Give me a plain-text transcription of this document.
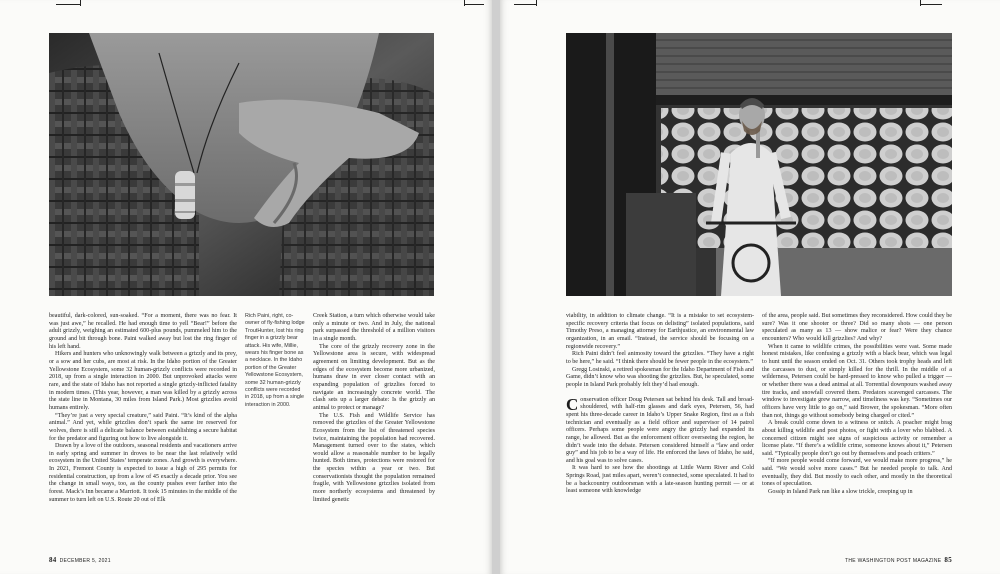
beautiful, dark-colored, sun-soaked. “For a moment, there was no fear. It was just awe,” he recalled. He had enough time to yell “Bear!” before the adult grizzly, weighing an estimated 600-plus pounds, pummeled him to the ground and bit through bone. Paini walked away but lost the ring finger of his left hand.

Hikers and hunters who unknowingly walk between a grizzly and its prey, or a sow and her cubs, are most at risk. In the Idaho portion of the Greater Yellowstone Ecosystem, some 32 human-grizzly conflicts were recorded in 2018, up from a single interaction in 2000. But unprovoked attacks were rare, and the state of Idaho has not reported a single grizzly-inflicted fatality in modern times. (This year, however, a man was killed by a grizzly across the state line in Montana, 30 miles from Island Park.) Most grizzlies avoid humans entirely.

“They’re just a very special creature,” said Paini. “It’s kind of the alpha animal.” And yet, while grizzlies don’t spark the same ire reserved for wolves, there is still a delicate balance between establishing a secure habitat for the predator and figuring out how to live alongside it.

Drawn by a love of the outdoors, seasonal residents and vacationers arrive in early spring and summer in droves to be near the last relatively wild ecosystem in the United States’ temperate zones. And growth is everywhere. In 2021, Fremont County is expected to issue a high of 295 permits for residential construction, up from a low of 45 exactly a decade prior. You see the change in small ways, too, as the county pushes ever farther into the forest. Mack’s Inn became a Marriott. It took 15 minutes in the middle of the summer to turn left on U.S. Route 20 out of Elk

Rich Paini, right, co-owner of fly-fishing lodge TroutHunter, lost his ring finger in a grizzly bear attack. His wife, Millie, wears his finger bone as a necklace. In the Idaho portion of the Greater Yellowstone Ecosystem, some 32 human-grizzly conflicts were recorded in 2018, up from a single interaction in 2000.

Creek Station, a turn which otherwise would take only a minute or two. And in July, the national park surpassed the threshold of a million visitors in a single month.

The core of the grizzly recovery zone in the Yellowstone area is secure, with widespread agreement on limiting development. But as the edges of the ecosystem become more urbanized, humans draw in ever closer contact with an expanding population of grizzlies forced to navigate an increasingly concrete world. The clash sets up a larger debate: Is the grizzly an animal to protect or manage?

The U.S. Fish and Wildlife Service has removed the grizzlies of the Greater Yellowstone Ecosystem from the list of threatened species twice, maintaining the population had recovered. Management turned over to the states, which would allow a reasonable number to be legally hunted. Both times, protections were restored for the species within a year or two. But conservationists thought the population remained fragile, with Yellowstone grizzlies isolated from more northerly ecosystems and threatened by limited genetic

84 DECEMBER 5, 2021

viability, in addition to climate change. “It is a mistake to set ecosystem-specific recovery criteria that focus on delisting” isolated populations, said Timothy Preso, a managing attorney for Earthjustice, an environmental law organization, in an email. “Instead, the service should be focusing on a regionwide recovery.”

Rich Paini didn’t feel animosity toward the grizzlies. “They have a right to be here,” he said. “I think there should be fewer people in the ecosystem.”

Gregg Losinski, a retired spokesman for the Idaho Department of Fish and Game, didn’t know who was shooting the grizzlies. But, he speculated, some people in Island Park probably felt they’d had enough.

Conservation officer Doug Petersen sat behind his desk. Tall and broad-shouldered, with half-rim glasses and dark eyes, Petersen, 56, had spent his three-decade career in Idaho’s Upper Snake Region, first as a fish technician and eventually as a field officer and supervisor of 14 patrol officers. Perhaps some people were angry the grizzly had expanded its range, he allowed. But as the enforcement officer overseeing the region, he didn’t wade into the debate. Petersen considered himself a “law and order guy” and his job to be a way of life. He enforced the laws of Idaho, he said, and his goal was to solve cases.

It was hard to see how the shootings at Little Warm River and Cold Springs Road, just miles apart, weren’t connected, some speculated. It had to be a backcountry outdoorsman with a late-season hunting permit — or at least someone with knowledge

of the area, people said. But sometimes they reconsidered. How could they be sure? Was it one shooter or three? Did so many shots — one person speculated as many as 13 — show malice or fear? Were they chance encounters? Who would kill grizzlies? And why?

When it came to wildlife crimes, the possibilities were vast. Some made honest mistakes, like confusing a grizzly with a black bear, which was legal to hunt until the season ended on Oct. 31. Others took trophy heads and left the carcasses to dust, or simply killed for the thrill. In the middle of a wilderness, Petersen could be hard-pressed to know who pulled a trigger — or whether there was a dead animal at all. Torrential downpours washed away tire tracks, and snowfall covered them. Predators scavenged carcasses. The window to investigate grew narrow, and timeliness was key. “Sometimes our officers have very little to go on,” said Brower, the spokesman. “More often than not, things go without somebody being charged or cited.”

A break could come down to a witness or snitch. A poacher might brag about killing wildlife and post photos, or fight with a lover who blabbed. A concerned citizen might see signs of suspicious activity or remember a license plate. “If there’s a wildlife crime, someone knows about it,” Petersen said. “Typically people don’t go out by themselves and poach critters.”

“If more people would come forward, we would make more progress,” he said. “We would solve more cases.” But he needed people to talk. And eventually, they did. But mostly to each other, and mostly in the theoretical tones of speculation.

Gossip in Island Park ran like a slow trickle, creeping up in

THE WASHINGTON POST MAGAZINE 85
